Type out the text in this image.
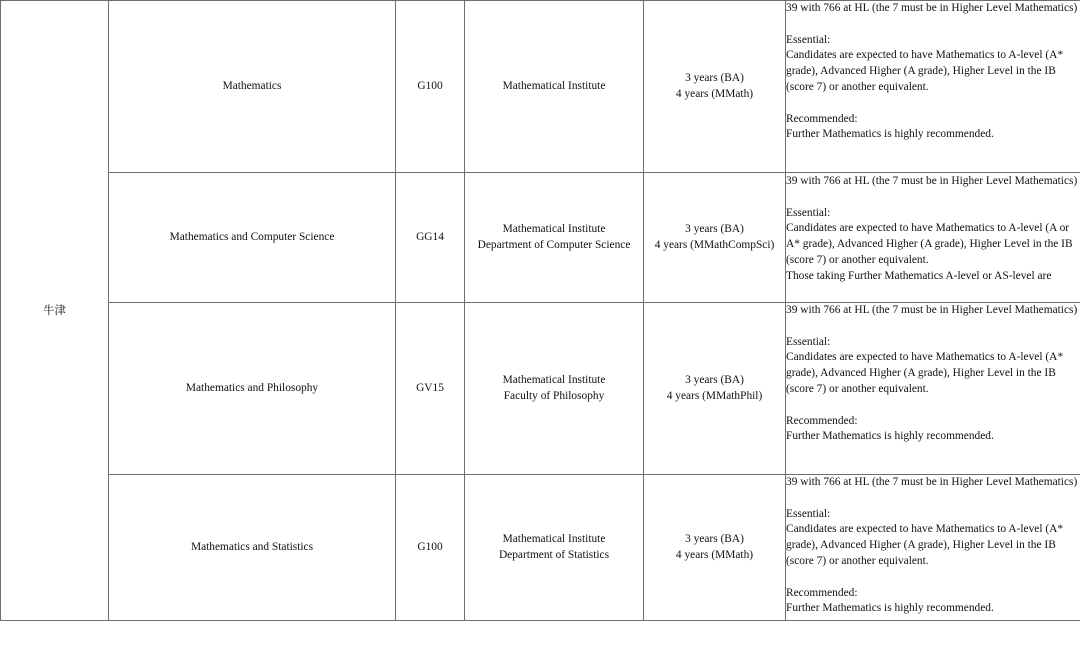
牛津	Mathematics	G100	Mathematical Institute	3 years (BA)
4 years (MMath)	39 with 766 at HL (the 7 must be in Higher Level Mathematics)
Essential:
Candidates are expected to have Mathematics to A-level (A* grade), Advanced Higher (A grade), Higher Level in the IB (score 7) or another equivalent.
Recommended:
Further Mathematics is highly recommended.

	Mathematics and Computer Science	GG14	Mathematical Institute
Department of Computer Science	3 years (BA)
4 years (MMathCompSci)	39 with 766 at HL (the 7 must be in Higher Level Mathematics)
Essential:
Candidates are expected to have Mathematics to A-level (A or A* grade), Advanced Higher (A grade), Higher Level in the IB (score 7) or another equivalent.
Those taking Further Mathematics A-level or AS-level are

	Mathematics and Philosophy	GV15	Mathematical Institute
Faculty of Philosophy	3 years (BA)
4 years (MMathPhil)	39 with 766 at HL (the 7 must be in Higher Level Mathematics)
Essential:
Candidates are expected to have Mathematics to A-level (A* grade), Advanced Higher (A grade), Higher Level in the IB (score 7) or another equivalent.
Recommended:
Further Mathematics is highly recommended.

	Mathematics and Statistics	G100	Mathematical Institute
Department of Statistics	3 years (BA)
4 years (MMath)	39 with 766 at HL (the 7 must be in Higher Level Mathematics)
Essential:
Candidates are expected to have Mathematics to A-level (A* grade), Advanced Higher (A grade), Higher Level in the IB (score 7) or another equivalent.
Recommended:
Further Mathematics is highly recommended.
